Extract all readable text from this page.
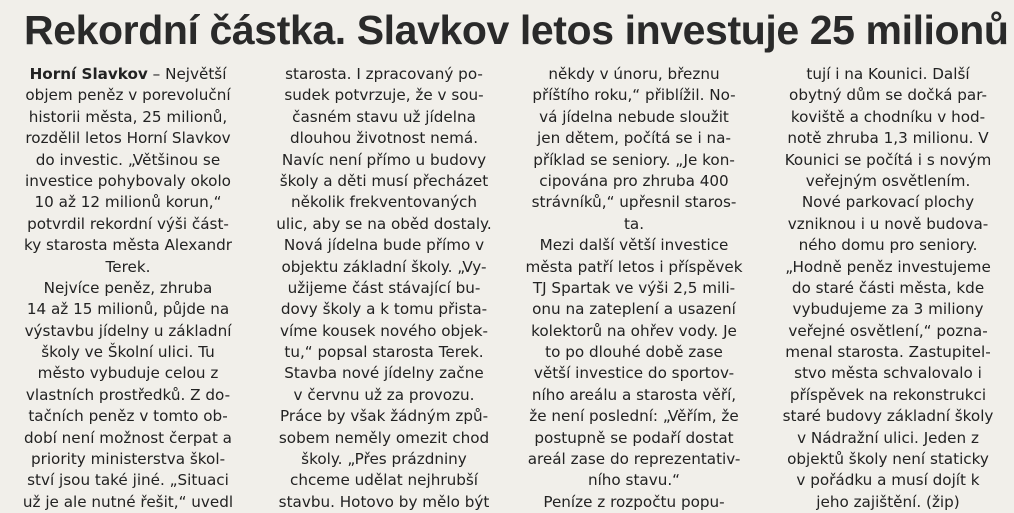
Rekordní částka. Slavkov letos investuje 25 milionů
Horní Slavkov – Největší
objem peněz v porevoluční
historii města, 25 milionů,
rozdělil letos Horní Slavkov
do investic. „Většinou se
investice pohybovaly okolo
10 až 12 milionů korun,“
potvrdil rekordní výši část-
ky starosta města Alexandr
Terek.
Nejvíce peněz, zhruba
14 až 15 milionů, půjde na
výstavbu jídelny u základní
školy ve Školní ulici. Tu
město vybuduje celou z
vlastních prostředků. Z do-
tačních peněz v tomto ob-
dobí není možnost čerpat a
priority ministerstva škol-
ství jsou také jiné. „Situaci
už je ale nutné řešit,“ uvedl
starosta. I zpracovaný po-
sudek potvrzuje, že v sou-
časném stavu už jídelna
dlouhou životnost nemá.
Navíc není přímo u budovy
školy a děti musí přecházet
několik frekventovaných
ulic, aby se na oběd dostaly.
Nová jídelna bude přímo v
objektu základní školy. „Vy-
užijeme část stávající bu-
dovy školy a k tomu přista-
víme kousek nového objek-
tu,“ popsal starosta Terek.
Stavba nové jídelny začne
v červnu už za provozu.
Práce by však žádným způ-
sobem neměly omezit chod
školy. „Přes prázdniny
chceme udělat nejhrubší
stavbu. Hotovo by mělo být
někdy v únoru, březnu
příštího roku,“ přiblížil. No-
vá jídelna nebude sloužit
jen dětem, počítá se i na-
příklad se seniory. „Je kon-
cipována pro zhruba 400
strávníků,“ upřesnil staros-
ta.
Mezi další větší investice
města patří letos i příspěvek
TJ Spartak ve výši 2,5 mili-
onu na zateplení a usazení
kolektorů na ohřev vody. Je
to po dlouhé době zase
větší investice do sportov-
ního areálu a starosta věří,
že není poslední: „Věřím, že
postupně se podaří dostat
areál zase do reprezentativ-
ního stavu.“
Peníze z rozpočtu popu-
tují i na Kounici. Další
obytný dům se dočká par-
koviště a chodníku v hod-
notě zhruba 1,3 milionu. V
Kounici se počítá i s novým
veřejným osvětlením.
Nové parkovací plochy
vzniknou i u nově budova-
ného domu pro seniory.
„Hodně peněz investujeme
do staré části města, kde
vybudujeme za 3 miliony
veřejné osvětlení,“ pozna-
menal starosta. Zastupitel-
stvo města schvalovalo i
příspěvek na rekonstrukci
staré budovy základní školy
v Nádražní ulici. Jeden z
objektů školy není staticky
v pořádku a musí dojít k
jeho zajištění. (žip)
